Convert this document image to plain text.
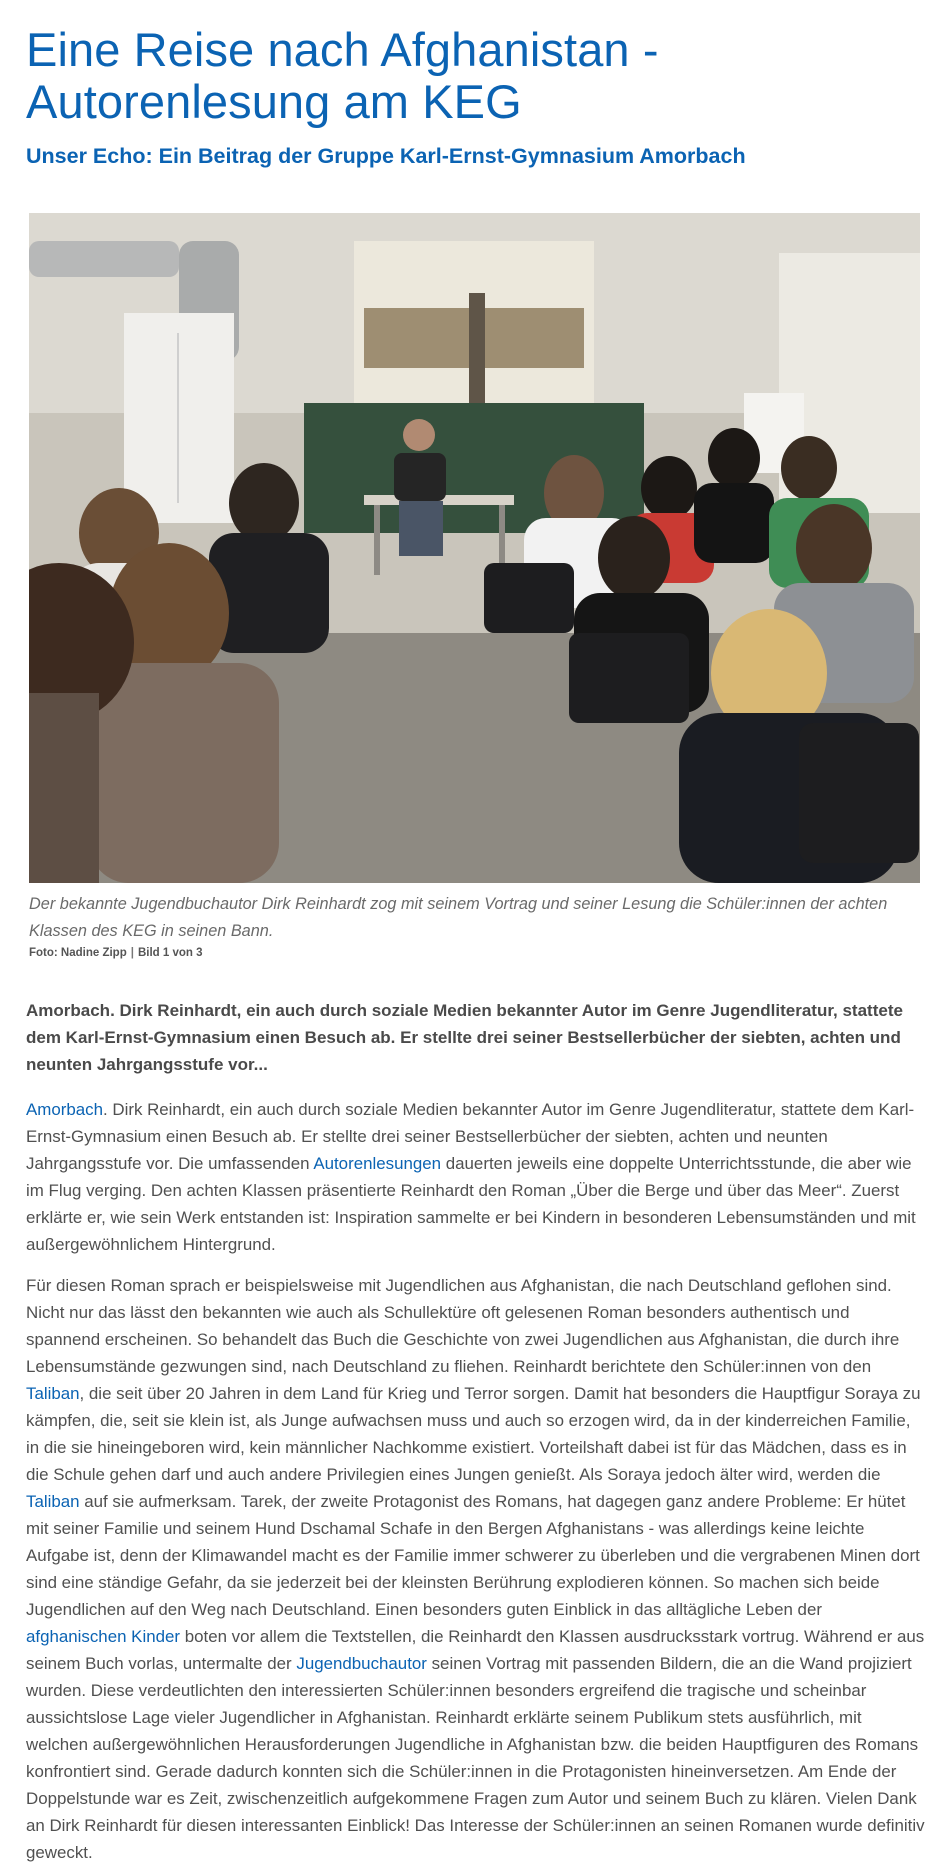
Eine Reise nach Afghanistan - Autorenlesung am KEG
Unser Echo: Ein Beitrag der Gruppe Karl-Ernst-Gymnasium Amorbach
Der bekannte Jugendbuchautor Dirk Reinhardt zog mit seinem Vortrag und seiner Lesung die Schüler:innen der achten Klassen des KEG in seinen Bann.
Foto: Nadine Zipp | Bild 1 von 3
Amorbach. Dirk Reinhardt, ein auch durch soziale Medien bekannter Autor im Genre Jugendliteratur, stattete dem Karl-Ernst-Gymnasium einen Besuch ab. Er stellte drei seiner Bestsellerbücher der siebten, achten und neunten Jahrgangsstufe vor...

Amorbach. Dirk Reinhardt, ein auch durch soziale Medien bekannter Autor im Genre Jugendliteratur, stattete dem Karl-Ernst-Gymnasium einen Besuch ab. Er stellte drei seiner Bestsellerbücher der siebten, achten und neunten Jahrgangsstufe vor. Die umfassenden Autorenlesungen dauerten jeweils eine doppelte Unterrichtsstunde, die aber wie im Flug verging. Den achten Klassen präsentierte Reinhardt den Roman „Über die Berge und über das Meer“. Zuerst erklärte er, wie sein Werk entstanden ist: Inspiration sammelte er bei Kindern in besonderen Lebensumständen und mit außergewöhnlichem Hintergrund.

Für diesen Roman sprach er beispielsweise mit Jugendlichen aus Afghanistan, die nach Deutschland geflohen sind. Nicht nur das lässt den bekannten wie auch als Schullektüre oft gelesenen Roman besonders authentisch und spannend erscheinen. So behandelt das Buch die Geschichte von zwei Jugendlichen aus Afghanistan, die durch ihre Lebensumstände gezwungen sind, nach Deutschland zu fliehen. Reinhardt berichtete den Schüler:innen von den Taliban, die seit über 20 Jahren in dem Land für Krieg und Terror sorgen. Damit hat besonders die Hauptfigur Soraya zu kämpfen, die, seit sie klein ist, als Junge aufwachsen muss und auch so erzogen wird, da in der kinderreichen Familie, in die sie hineingeboren wird, kein männlicher Nachkomme existiert. Vorteilshaft dabei ist für das Mädchen, dass es in die Schule gehen darf und auch andere Privilegien eines Jungen genießt. Als Soraya jedoch älter wird, werden die Taliban auf sie aufmerksam. Tarek, der zweite Protagonist des Romans, hat dagegen ganz andere Probleme: Er hütet mit seiner Familie und seinem Hund Dschamal Schafe in den Bergen Afghanistans - was allerdings keine leichte Aufgabe ist, denn der Klimawandel macht es der Familie immer schwerer zu überleben und die vergrabenen Minen dort sind eine ständige Gefahr, da sie jederzeit bei der kleinsten Berührung explodieren können. So machen sich beide Jugendlichen auf den Weg nach Deutschland. Einen besonders guten Einblick in das alltägliche Leben der afghanischen Kinder boten vor allem die Textstellen, die Reinhardt den Klassen ausdrucksstark vortrug. Während er aus seinem Buch vorlas, untermalte der Jugendbuchautor seinen Vortrag mit passenden Bildern, die an die Wand projiziert wurden. Diese verdeutlichten den interessierten Schüler:innen besonders ergreifend die tragische und scheinbar aussichtslose Lage vieler Jugendlicher in Afghanistan. Reinhardt erklärte seinem Publikum stets ausführlich, mit welchen außergewöhnlichen Herausforderungen Jugendliche in Afghanistan bzw. die beiden Hauptfiguren des Romans konfrontiert sind. Gerade dadurch konnten sich die Schüler:innen in die Protagonisten hineinversetzen. Am Ende der Doppelstunde war es Zeit, zwischenzeitlich aufgekommene Fragen zum Autor und seinem Buch zu klären. Vielen Dank an Dirk Reinhardt für diesen interessanten Einblick! Das Interesse der Schüler:innen an seinen Romanen wurde definitiv geweckt.
